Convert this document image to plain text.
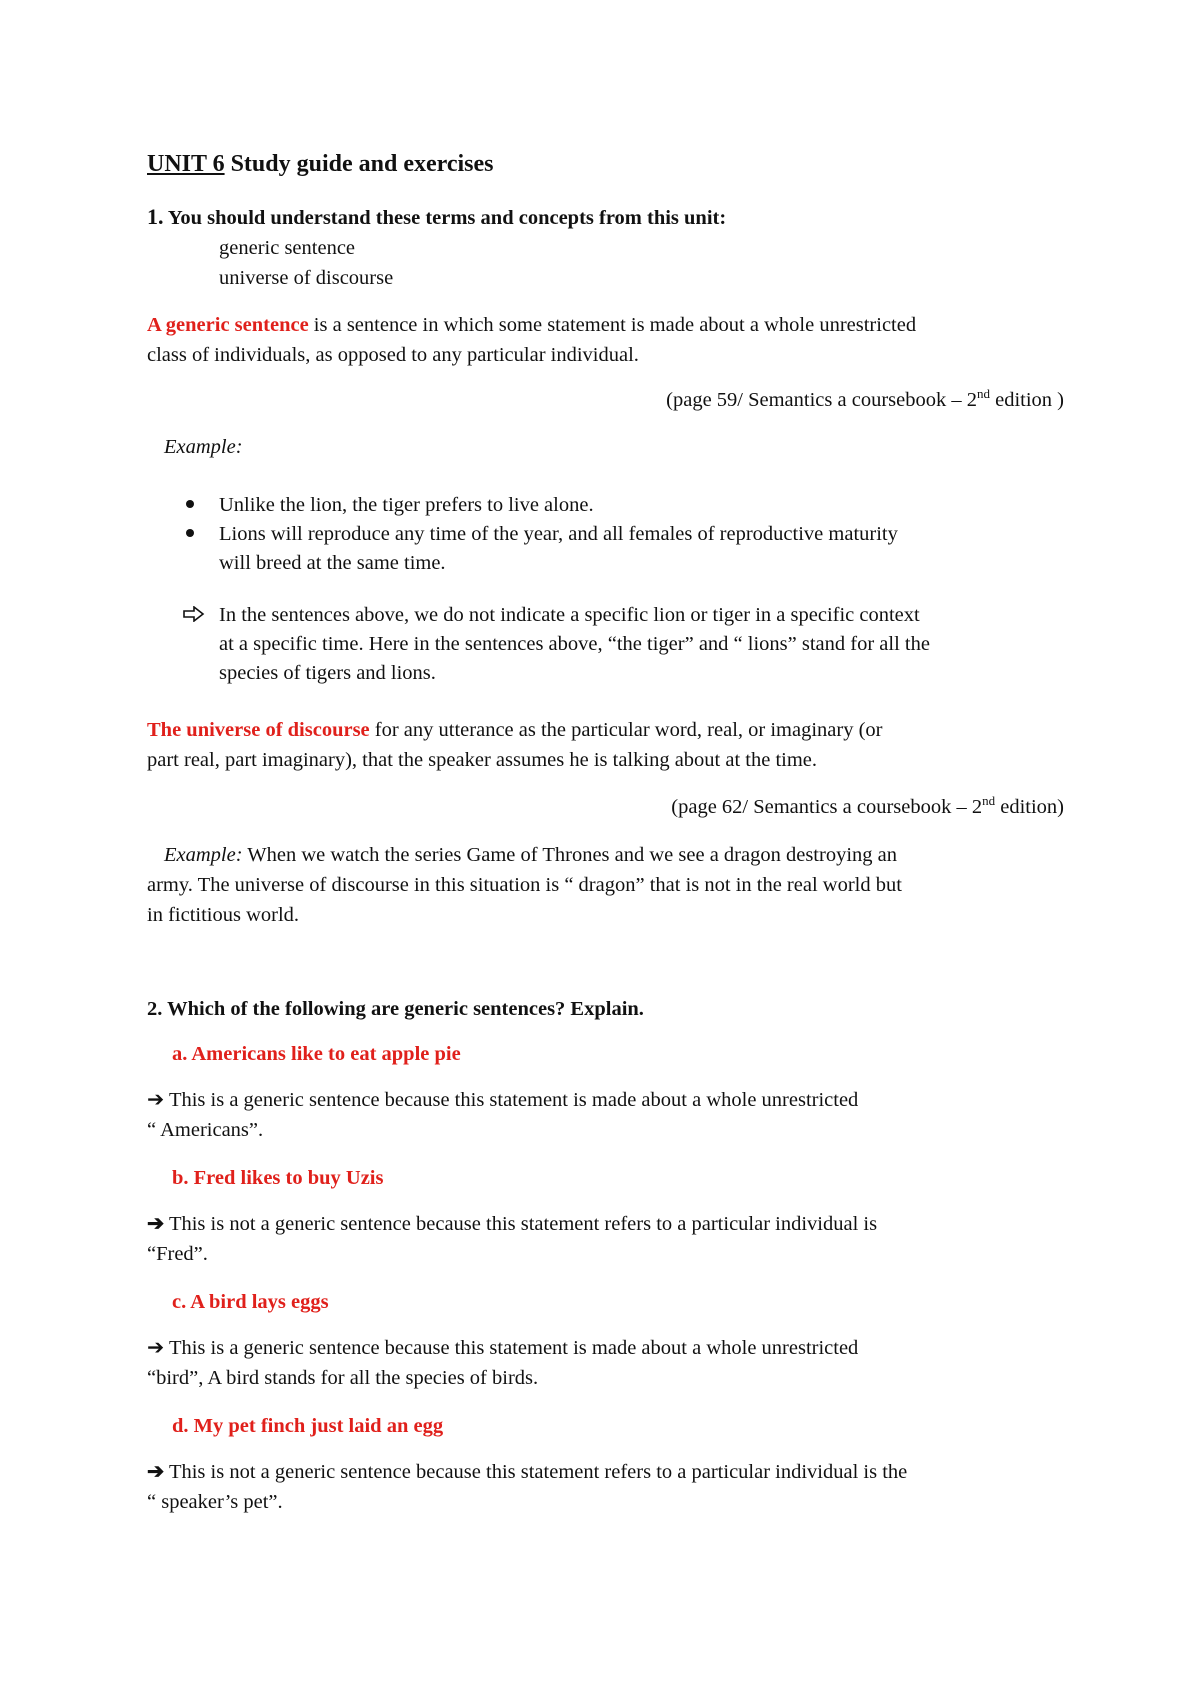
UNIT 6 Study guide and exercises
1. You should understand these terms and concepts from this unit:
generic sentence
universe of discourse
A generic sentence is a sentence in which some statement is made about a whole unrestricted
class of individuals, as opposed to any particular individual.
(page 59/ Semantics a coursebook – 2nd edition )
Example:
Unlike the lion, the tiger prefers to live alone.
Lions will reproduce any time of the year, and all females of reproductive maturity
will breed at the same time.
In the sentences above, we do not indicate a specific lion or tiger in a specific context
at a specific time. Here in the sentences above, “the tiger” and “ lions” stand for all the
species of tigers and lions.
The universe of discourse for any utterance as the particular word, real, or imaginary (or
part real, part imaginary), that the speaker assumes he is talking about at the time.
(page 62/ Semantics a coursebook – 2nd edition)
Example: When we watch the series Game of Thrones and we see a dragon destroying an
army. The universe of discourse in this situation is “ dragon” that is not in the real world but
in fictitious world.
2. Which of the following are generic sentences? Explain.
a. Americans like to eat apple pie
➔ This is a generic sentence because this statement is made about a whole unrestricted
“ Americans”.
b. Fred likes to buy Uzis
➔ This is not a generic sentence because this statement refers to a particular individual is
“Fred”.
c. A bird lays eggs
➔ This is a generic sentence because this statement is made about a whole unrestricted
“bird”, A bird stands for all the species of birds.
d. My pet finch just laid an egg
➔ This is not a generic sentence because this statement refers to a particular individual is the
“ speaker’s pet”.
